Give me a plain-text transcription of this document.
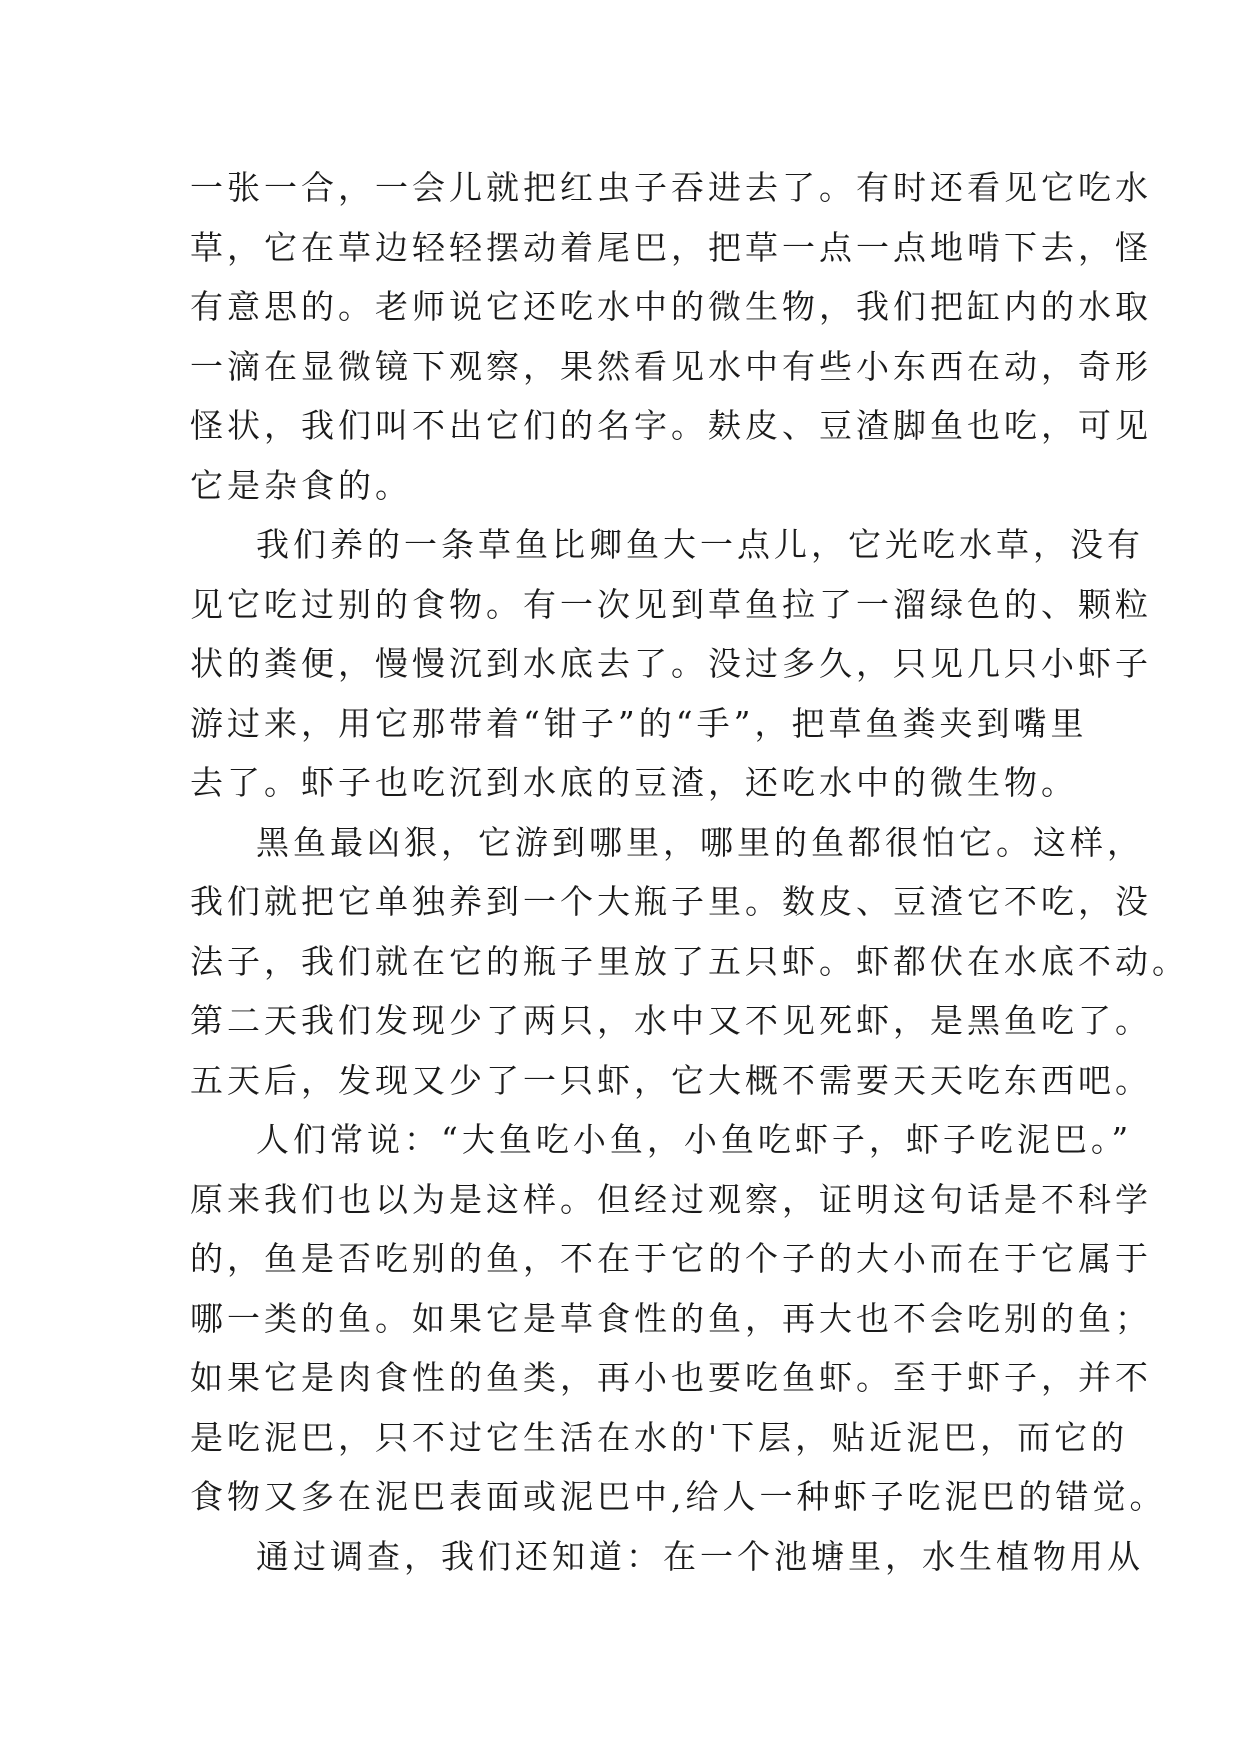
一张一合，一会儿就把红虫子吞进去了。有时还看见它吃水

草，它在草边轻轻摆动着尾巴，把草一点一点地啃下去，怪

有意思的。老师说它还吃水中的微生物，我们把缸内的水取

一滴在显微镜下观察，果然看见水中有些小东西在动，奇形

怪状，我们叫不出它们的名字。麸皮、豆渣脚鱼也吃，可见

它是杂食的。

我们养的一条草鱼比卿鱼大一点儿，它光吃水草，没有

见它吃过别的食物。有一次见到草鱼拉了一溜绿色的、颗粒

状的粪便，慢慢沉到水底去了。没过多久，只见几只小虾子

游过来，用它那带着“钳子”的“手”，把草鱼粪夹到嘴里

去了。虾子也吃沉到水底的豆渣，还吃水中的微生物。

黑鱼最凶狠，它游到哪里，哪里的鱼都很怕它。这样，

我们就把它单独养到一个大瓶子里。数皮、豆渣它不吃，没

法子，我们就在它的瓶子里放了五只虾。虾都伏在水底不动。

第二天我们发现少了两只，水中又不见死虾，是黑鱼吃了。

五天后，发现又少了一只虾，它大概不需要天天吃东西吧。

人们常说：“大鱼吃小鱼，小鱼吃虾子，虾子吃泥巴。”

原来我们也以为是这样。但经过观察，证明这句话是不科学

的，鱼是否吃别的鱼，不在于它的个子的大小而在于它属于

哪一类的鱼。如果它是草食性的鱼，再大也不会吃别的鱼；

如果它是肉食性的鱼类，再小也要吃鱼虾。至于虾子，并不

是吃泥巴，只不过它生活在水的'下层，贴近泥巴，而它的

食物又多在泥巴表面或泥巴中,给人一种虾子吃泥巴的错觉。

通过调查，我们还知道：在一个池塘里，水生植物用从
